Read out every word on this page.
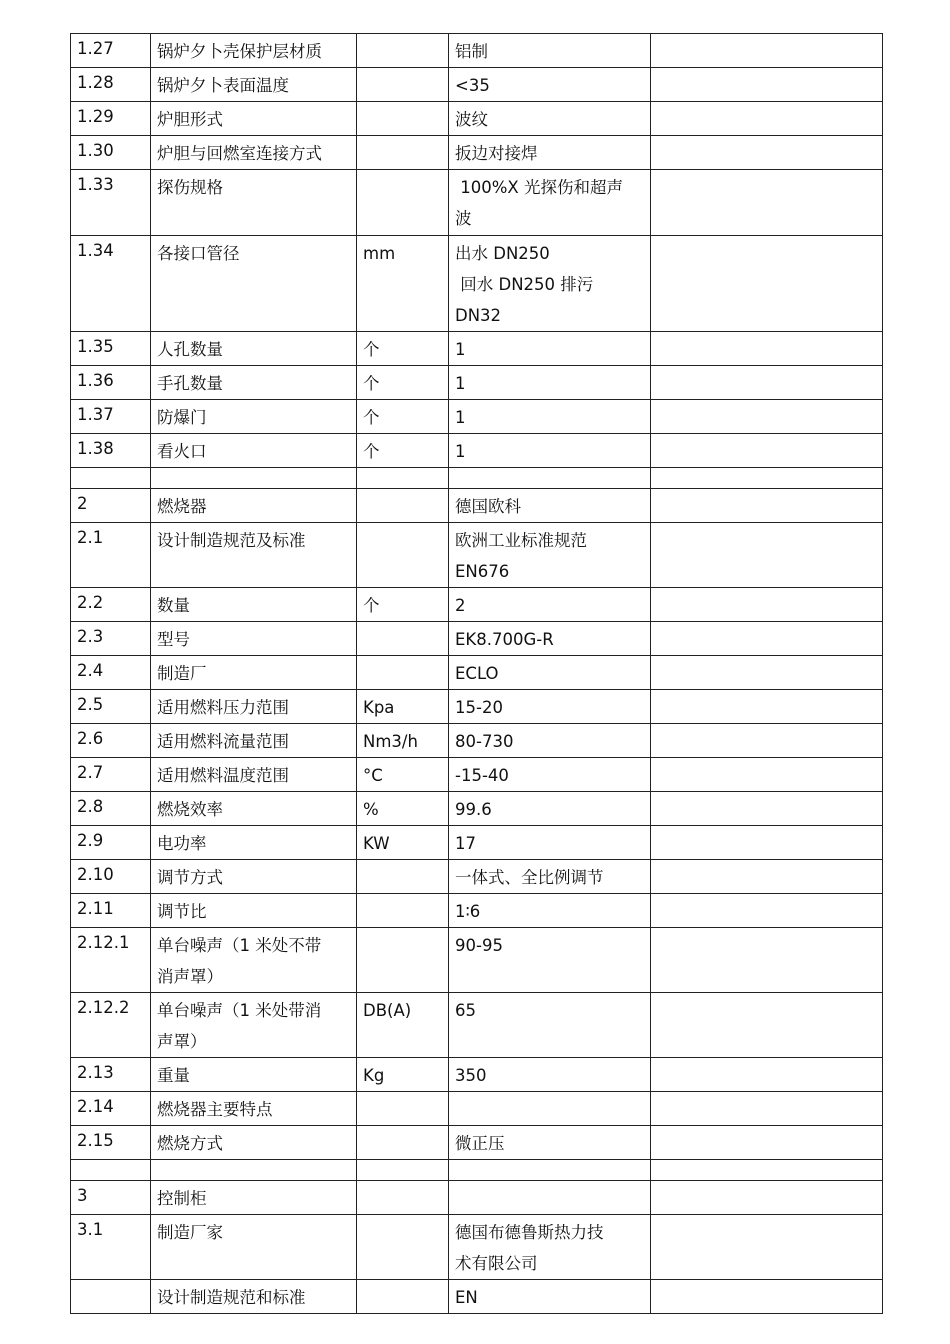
1.27	锅炉夕卜壳保护层材质		铝制	

1.28	锅炉夕卜表面温度		<35	

1.29	炉胆形式		波纹	

1.30	炉胆与回燃室连接方式		扳边对接焊	

1.33	探伤规格		100%X 光探伤和超声
波	

1.34	各接口管径	mm	出水 DN250
回水 DN250 排污
DN32	

1.35	人孔数量	个	1	

1.36	手孔数量	个	1	

1.37	防爆门	个	1	

1.38	看火口	个	1	

2	燃烧器		德国欧科	

2.1	设计制造规范及标准		欧洲工业标准规范
EN676	

2.2	数量	个	2	

2.3	型号		EK8.700G-R	

2.4	制造厂		ECLO	

2.5	适用燃料压力范围	Kpa	15-20	

2.6	适用燃料流量范围	Nm3/h	80-730	

2.7	适用燃料温度范围	°C	-15-40	

2.8	燃烧效率	%	99.6	

2.9	电功率	KW	17	

2.10	调节方式		一体式、全比例调节	

2.11	调节比		1∶6	

2.12.1	单台噪声（1 米处不带
消声罩）		90-95	

2.12.2	单台噪声（1 米处带消
声罩）	DB(A)	65	

2.13	重量	Kg	350	

2.14	燃烧器主要特点			

2.15	燃烧方式		微正压	

3	控制柜			

3.1	制造厂家		德国布德鲁斯热力技
术有限公司	

	设计制造规范和标准		EN	
